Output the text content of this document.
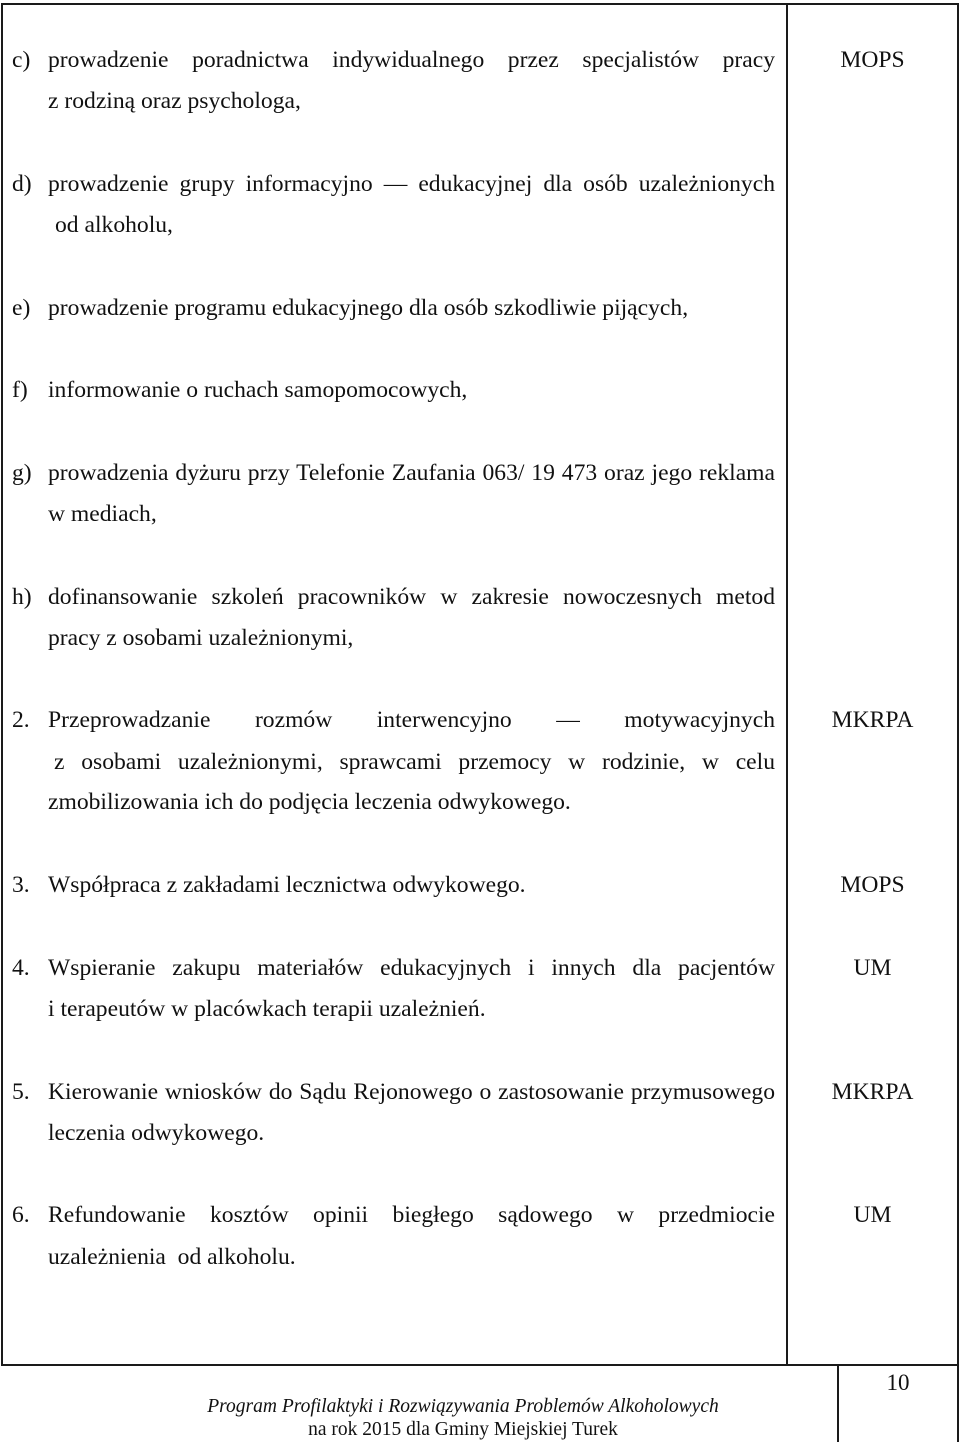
c) prowadzenie poradnictwa indywidualnego przez specjalistów pracy
z rodziną oraz psychologa,
MOPS
d) prowadzenie grupy informacyjno — edukacyjnej dla osób uzależnionych
od alkoholu,
e) prowadzenie programu edukacyjnego dla osób szkodliwie pijących,
f) informowanie o ruchach samopomocowych,
g) prowadzenia dyżuru przy Telefonie Zaufania 063/ 19 473 oraz jego reklama
w mediach,
h) dofinansowanie szkoleń pracowników w zakresie nowoczesnych metod
pracy z osobami uzależnionymi,
2. Przeprowadzanie rozmów interwencyjno — motywacyjnych
z osobami uzależnionymi, sprawcami przemocy w rodzinie, w celu
zmobilizowania ich do podjęcia leczenia odwykowego.
MKRPA
3. Współpraca z zakładami lecznictwa odwykowego.	MOPS
4. Wspieranie zakupu materiałów edukacyjnych i innych dla pacjentów
i terapeutów w placówkach terapii uzależnień.
UM
5. Kierowanie wniosków do Sądu Rejonowego o zastosowanie przymusowego
leczenia odwykowego.
MKRPA
6. Refundowanie kosztów opinii biegłego sądowego w przedmiocie
uzależnienia  od alkoholu.
UM
10
Program Profilaktyki i Rozwiązywania Problemów Alkoholowych
na rok 2015 dla Gminy Miejskiej Turek
